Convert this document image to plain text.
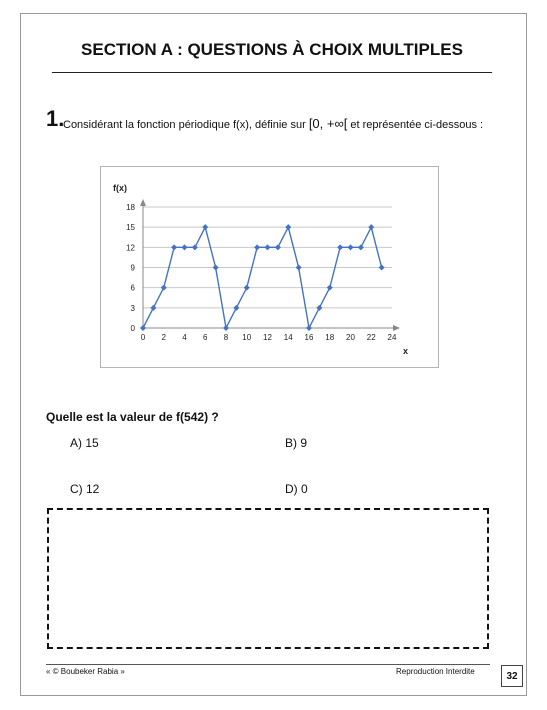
SECTION A : QUESTIONS À CHOIX MULTIPLES
1.
Considérant la fonction périodique f(x), définie sur [0, +∞[ et représentée ci-dessous :
0
3
6
9
12
15
18
0 2 4 6 8 10 12 14 16 18 20 22 24
f(x)
x
Quelle est la valeur de f(542) ?
A) 15	B) 9
C) 12	D) 0
« © Boubeker Rabia »	Reproduction Interdite	32
